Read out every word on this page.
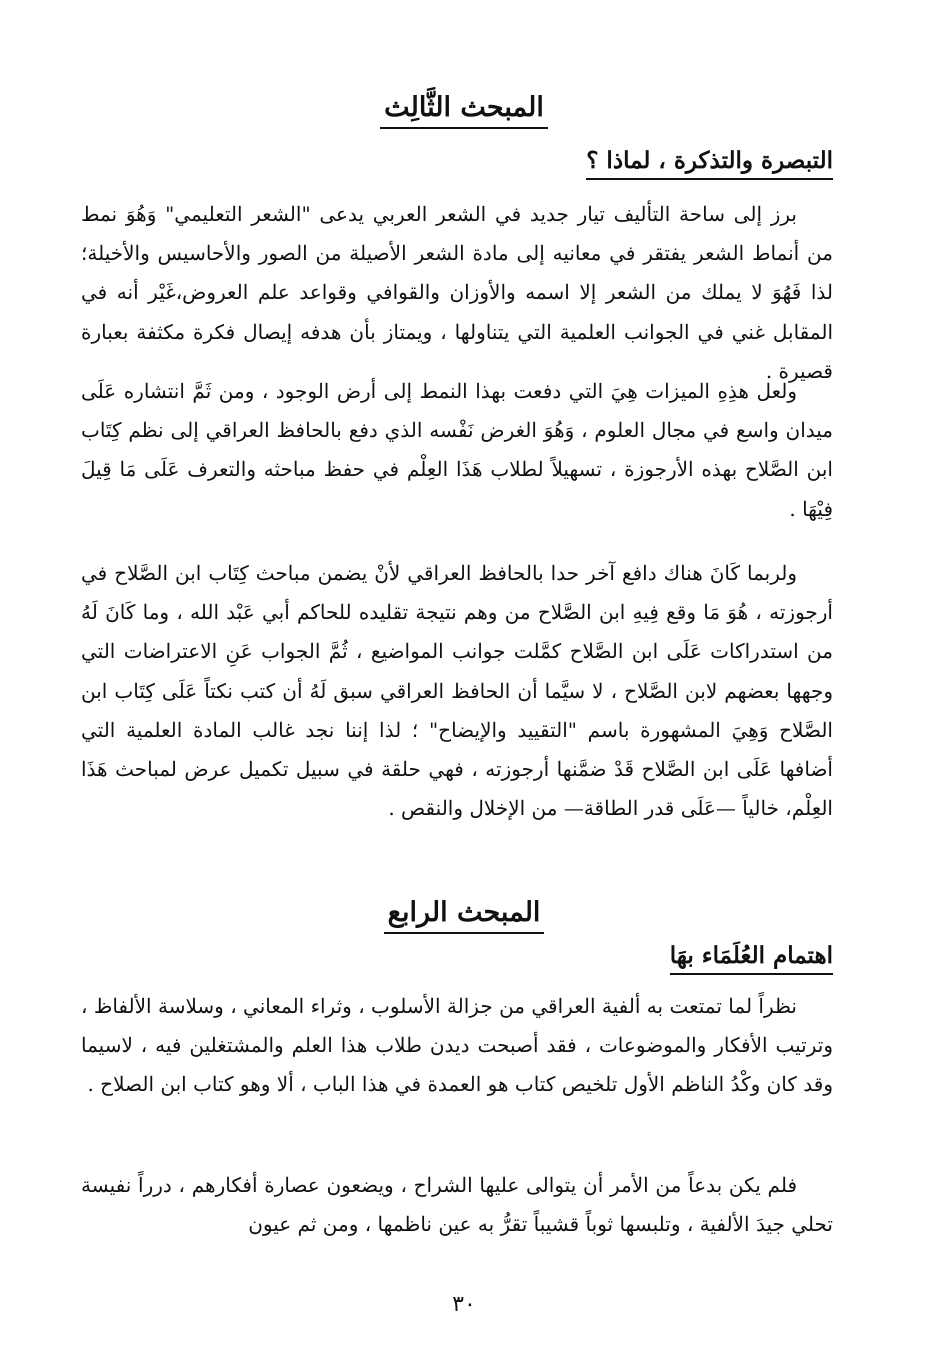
المبحث الثَّالِث
التبصرة والتذكرة ، لماذا ؟

برز إلى ساحة التأليف تيار جديد في الشعر العربي يدعى "الشعر التعليمي" وَهُوَ نمط من أنماط الشعر يفتقر في معانيه إلى مادة الشعر الأصيلة من الصور والأحاسيس والأخيلة؛ لذا فَهُوَ لا يملك من الشعر إلا اسمه والأوزان والقوافي وقواعد علم العروض،غَيْر أنه في المقابل غني في الجوانب العلمية التي يتناولها ، ويمتاز بأن هدفه إيصال فكرة مكثفة بعبارة قصيرة .

ولعل هذِهِ الميزات هِيَ التي دفعت بهذا النمط إلى أرض الوجود ، ومن ثَمَّ انتشاره عَلَى ميدان واسع في مجال العلوم ، وَهُوَ الغرض نَفْسه الذي دفع بالحافظ العراقي إلى نظم كِتَاب ابن الصَّلاح بهذه الأرجوزة ، تسهيلاً لطلاب هَذَا العِلْم في حفظ مباحثه والتعرف عَلَى مَا قِيلَ فِيْهَا .

ولربما كَانَ هناك دافع آخر حدا بالحافظ العراقي لأنْ يضمن مباحث كِتَاب ابن الصَّلاح في أرجوزته ، هُوَ مَا وقع فِيهِ ابن الصَّلاح من وهم نتيجة تقليده للحاكم أبي عَبْد الله ، وما كَانَ لَهُ من استدراكات عَلَى ابن الصَّلاح كمَّلت جوانب المواضيع ، ثُمَّ الجواب عَنِ الاعتراضات التي وجهها بعضهم لابن الصَّلاح ، لا سيَّما أن الحافظ العراقي سبق لَهُ أن كتب نكتاً عَلَى كِتَاب ابن الصَّلاح وَهِيَ المشهورة باسم "التقييد والإيضاح" ؛ لذا إننا نجد غالب المادة العلمية التي أضافها عَلَى ابن الصَّلاح قَدْ ضمَّنها أرجوزته ، فهي حلقة في سبيل تكميل عرض لمباحث هَذَا العِلْم، خالياً —عَلَى قدر الطاقة— من الإخلال والنقص .

المبحث الرابع
اهتمام العُلَمَاء بهَا

نظراً لما تمتعت به ألفية العراقي من جزالة الأسلوب ، وثراء المعاني ، وسلاسة الألفاظ ، وترتيب الأفكار والموضوعات ، فقد أصبحت ديدن طلاب هذا العلم والمشتغلين فيه ، لاسيما وقد كان وكْدُ الناظم الأول تلخيص كتاب هو العمدة في هذا الباب ، ألا وهو كتاب ابن الصلاح .

فلم يكن بدعاً من الأمر أن يتوالى عليها الشراح ، ويضعون عصارة أفكارهم ، درراً نفيسة تحلي جيدَ الألفية ، وتلبسها ثوباً قشيباً تقرُّ به عين ناظمها ، ومن ثم عيون

٣٠
